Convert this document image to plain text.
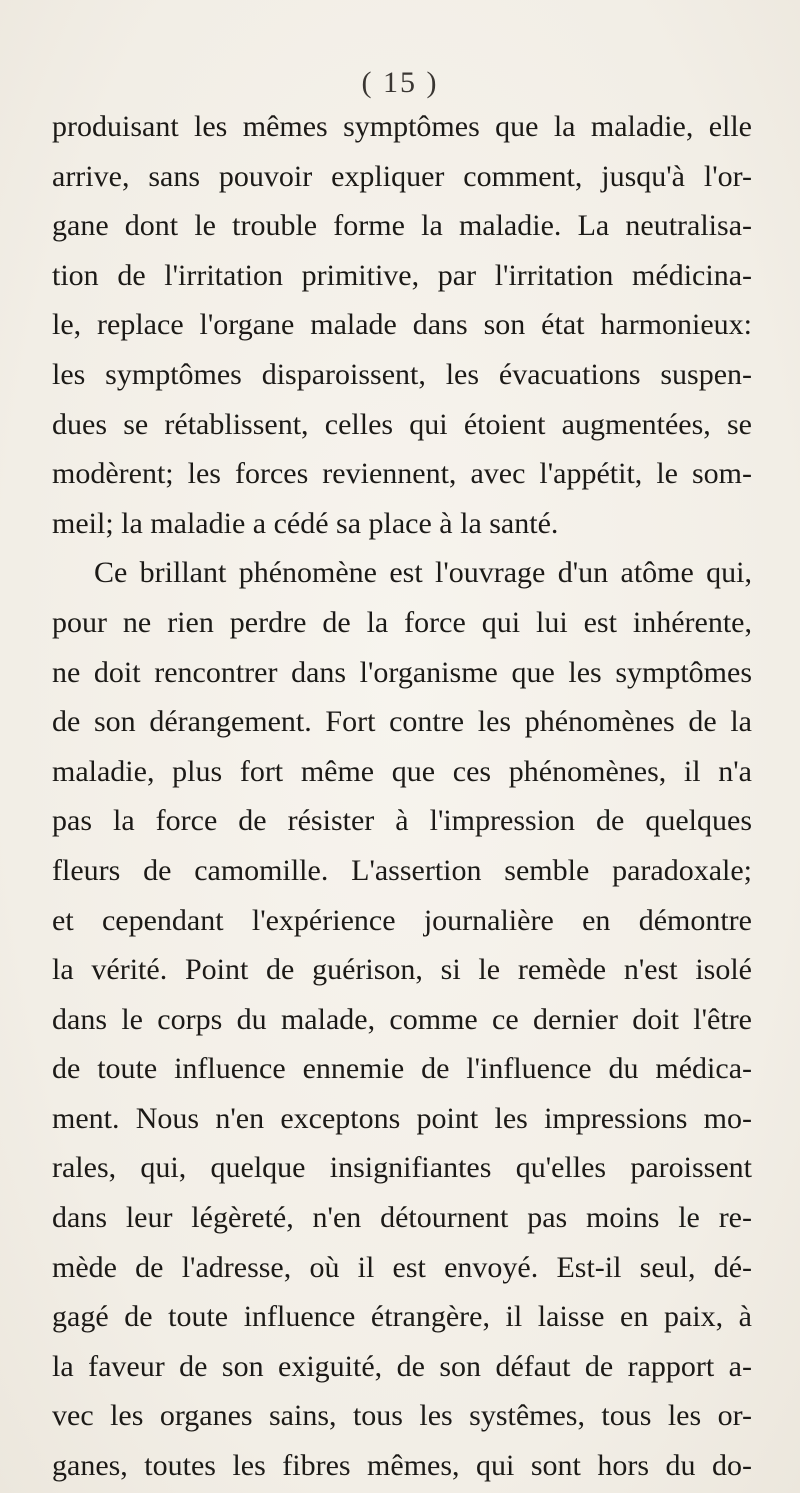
( 15 )
produisant les mêmes symptômes que la maladie, elle
arrive, sans pouvoir expliquer comment, jusqu'à l'or-
gane dont le trouble forme la maladie. La neutralisa-
tion de l'irritation primitive, par l'irritation médicina-
le, replace l'organe malade dans son état harmonieux:
les symptômes disparoissent, les évacuations suspen-
dues se rétablissent, celles qui étoient augmentées, se
modèrent; les forces reviennent, avec l'appétit, le som-
meil; la maladie a cédé sa place à la santé.
Ce brillant phénomène est l'ouvrage d'un atôme qui,
pour ne rien perdre de la force qui lui est inhérente,
ne doit rencontrer dans l'organisme que les symptômes
de son dérangement. Fort contre les phénomènes de la
maladie, plus fort même que ces phénomènes, il n'a
pas la force de résister à l'impression de quelques
fleurs de camomille. L'assertion semble paradoxale;
et cependant l'expérience journalière en démontre
la vérité. Point de guérison, si le remède n'est isolé
dans le corps du malade, comme ce dernier doit l'être
de toute influence ennemie de l'influence du médica-
ment. Nous n'en exceptons point les impressions mo-
rales, qui, quelque insignifiantes qu'elles paroissent
dans leur légèreté, n'en détournent pas moins le re-
mède de l'adresse, où il est envoyé. Est-il seul, dé-
gagé de toute influence étrangère, il laisse en paix, à
la faveur de son exiguité, de son défaut de rapport a-
vec les organes sains, tous les systêmes, tous les or-
ganes, toutes les fibres mêmes, qui sont hors du do-
